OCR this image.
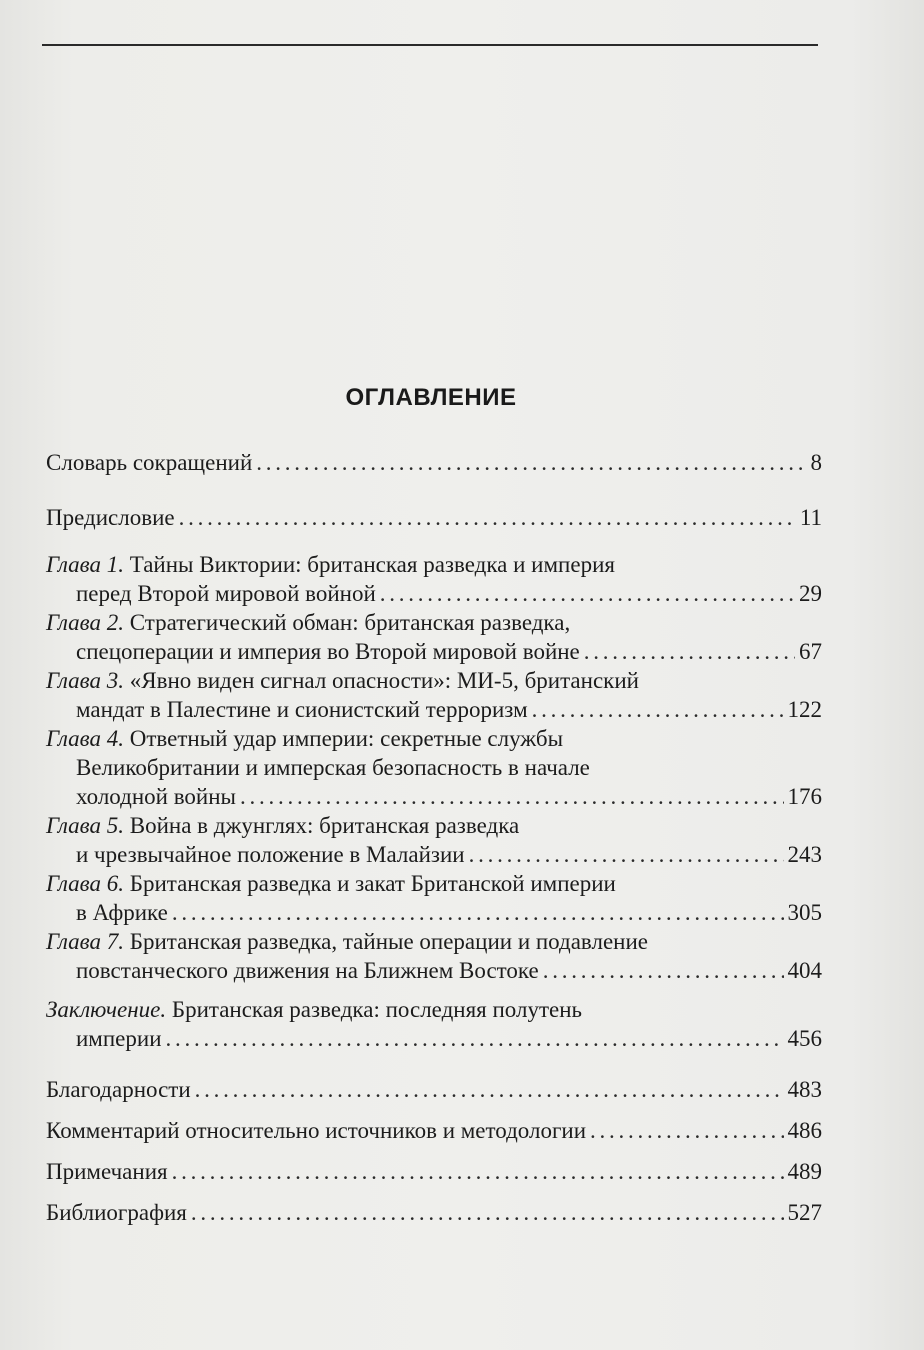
ОГЛАВЛЕНИЕ
Словарь сокращений . . .	8
Предисловие . . .	11
Глава 1. Тайны Виктории: британская разведка и империя
перед Второй мировой войной . . .	29
Глава 2. Стратегический обман: британская разведка,
спецоперации и империя во Второй мировой войне . . .	67
Глава 3. «Явно виден сигнал опасности»: МИ-5, британский
мандат в Палестине и сионистский терроризм . . .	122
Глава 4. Ответный удар империи: секретные службы
Великобритании и имперская безопасность в начале
холодной войны . . .	176
Глава 5. Война в джунглях: британская разведка
и чрезвычайное положение в Малайзии . . .	243
Глава 6. Британская разведка и закат Британской империи
в Африке . . .	305
Глава 7. Британская разведка, тайные операции и подавление
повстанческого движения на Ближнем Востоке . . .	404
Заключение. Британская разведка: последняя полутень
империи . . .	456
Благодарности . . .	483
Комментарий относительно источников и методологии . . .	486
Примечания . . .	489
Библиография . . .	527
